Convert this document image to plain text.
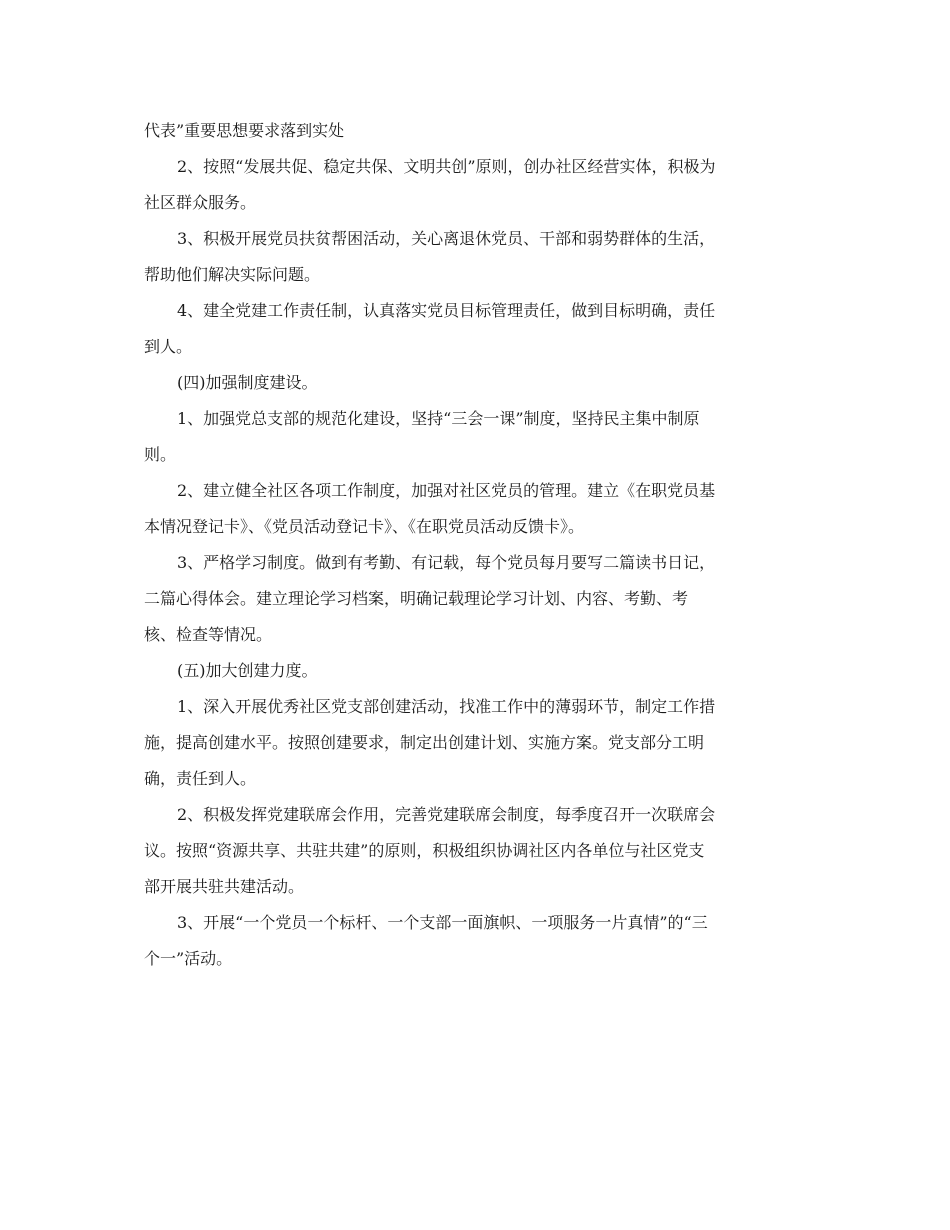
代表”重要思想要求落到实处
2、按照“发展共促、稳定共保、文明共创”原则，创办社区经营实体，积极为
社区群众服务。
3、积极开展党员扶贫帮困活动，关心离退休党员、干部和弱势群体的生活，
帮助他们解决实际问题。
4、建全党建工作责任制，认真落实党员目标管理责任，做到目标明确，责任
到人。
(四)加强制度建设。
1、加强党总支部的规范化建设，坚持“三会一课”制度，坚持民主集中制原
则。
2、建立健全社区各项工作制度，加强对社区党员的管理。建立《在职党员基
本情况登记卡》、《党员活动登记卡》、《在职党员活动反馈卡》。
3、严格学习制度。做到有考勤、有记载，每个党员每月要写二篇读书日记，
二篇心得体会。建立理论学习档案，明确记载理论学习计划、内容、考勤、考
核、检查等情况。
(五)加大创建力度。
1、深入开展优秀社区党支部创建活动，找准工作中的薄弱环节，制定工作措
施，提高创建水平。按照创建要求，制定出创建计划、实施方案。党支部分工明
确，责任到人。
2、积极发挥党建联席会作用，完善党建联席会制度，每季度召开一次联席会
议。按照“资源共享、共驻共建”的原则，积极组织协调社区内各单位与社区党支
部开展共驻共建活动。
3、开展“一个党员一个标杆、一个支部一面旗帜、一项服务一片真情”的“三
个一”活动。
